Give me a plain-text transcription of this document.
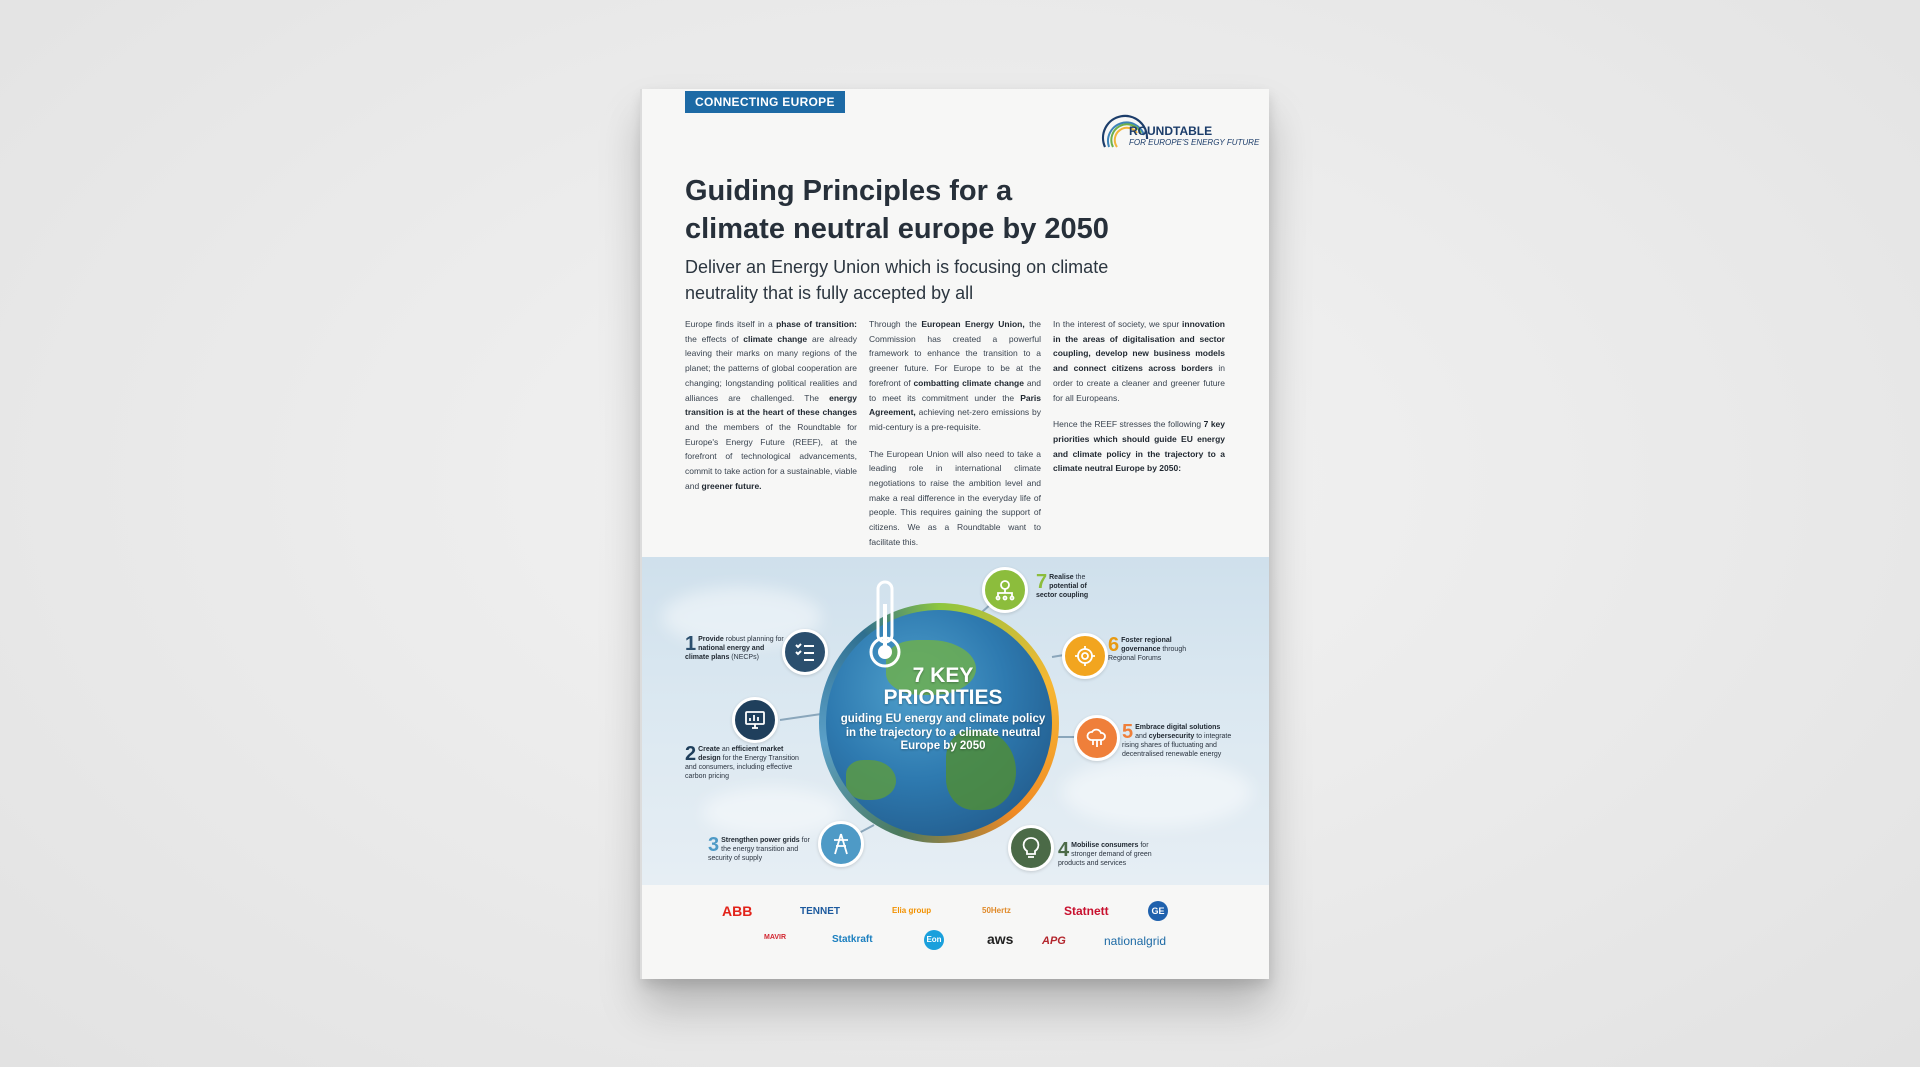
CONNECTING EUROPE
ROUNDTABLE
FOR EUROPE'S ENERGY FUTURE
Guiding Principles for a
climate neutral europe by 2050

Deliver an Energy Union which is focusing on climate
neutrality that is fully accepted by all

Europe finds itself in a phase of transition: the effects of climate change are already leaving their marks on many regions of the planet; the patterns of global cooperation are changing; longstanding political realities and alliances are challenged. The energy transition is at the heart of these changes and the members of the Roundtable for Europe's Energy Future (REEF), at the forefront of technological advancements, commit to take action for a sustainable, viable and greener future.

Through the European Energy Union, the Commission has created a powerful framework to enhance the transition to a greener future. For Europe to be at the forefront of combatting climate change and to meet its commitment under the Paris Agreement, achieving net-zero emissions by mid-century is a pre-requisite.

The European Union will also need to take a leading role in international climate negotiations to raise the ambition level and make a real difference in the everyday life of people. This requires gaining the support of citizens. We as a Roundtable want to facilitate this.

In the interest of society, we spur innovation in the areas of digitalisation and sector coupling, develop new business models and connect citizens across borders in order to create a cleaner and greener future for all Europeans.

Hence the REEF stresses the following 7 key priorities which should guide EU energy and climate policy in the trajectory to a climate neutral Europe by 2050:

7 KEY
PRIORITIES
guiding EU energy and climate policy in the trajectory to a climate neutral Europe by 2050
1 Provide robust planning for national energy and climate plans (NECPs)
2 Create an efficient market design for the Energy Transition and consumers, including effective carbon pricing
3 Strengthen power grids for the energy transition and security of supply	4 Mobilise consumers for stronger demand of green products and services
5 Embrace digital solutions and cybersecurity to integrate rising shares of fluctuating and decentralised renewable energy
6 Foster regional governance through Regional Forums
7 Realise the potential of sector coupling
ABB	TENNET	Elia group	50Hertz	Statnett	GE
MAVIR	Statkraft	Eon	aws	APG	nationalgrid
